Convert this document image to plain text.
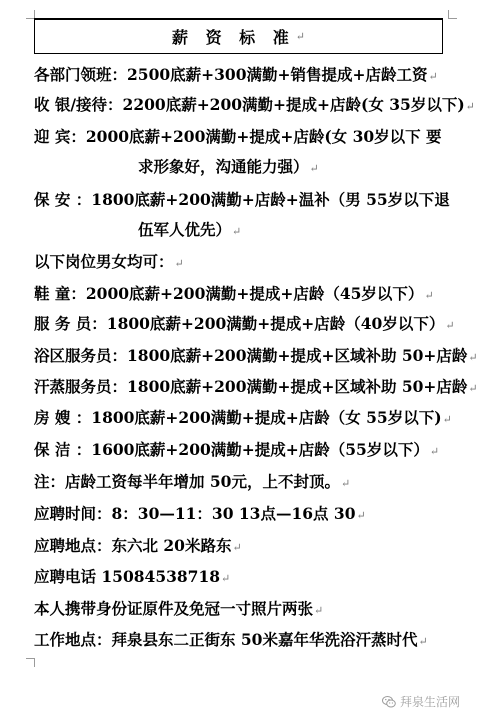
薪 资 标 准 ↵
各部门领班：2500底薪+300满勤+销售提成+店龄工资↵
收 银/接待：2200底薪+200满勤+提成+店龄(女 35岁以下)↵
迎 宾：2000底薪+200满勤+提成+店龄(女 30岁以下 要
求形象好，沟通能力强）↵
保 安 ：1800底薪+200满勤+店龄+温补（男 55岁以下退
伍军人优先）↵
以下岗位男女均可：↵
鞋 童：2000底薪+200满勤+提成+店龄（45岁以下）↵
服 务 员：1800底薪+200满勤+提成+店龄（40岁以下）↵
浴区服务员：1800底薪+200满勤+提成+区域补助 50+店龄↵
汗蒸服务员：1800底薪+200满勤+提成+区域补助 50+店龄↵
房 嫂 ：1800底薪+200满勤+提成+店龄（女 55岁以下)↵
保 洁 ：1600底薪+200满勤+提成+店龄（55岁以下）↵
注：店龄工资每半年增加 50元，上不封顶。↵
应聘时间：8：30—11：30 13点—16点 30↵
应聘地点：东六北 20米路东↵
应聘电话 15084538718↵
本人携带身份证原件及免冠一寸照片两张↵
工作地点：拜泉县东二正街东 50米嘉年华洗浴汗蒸时代↵
拜泉生活网
